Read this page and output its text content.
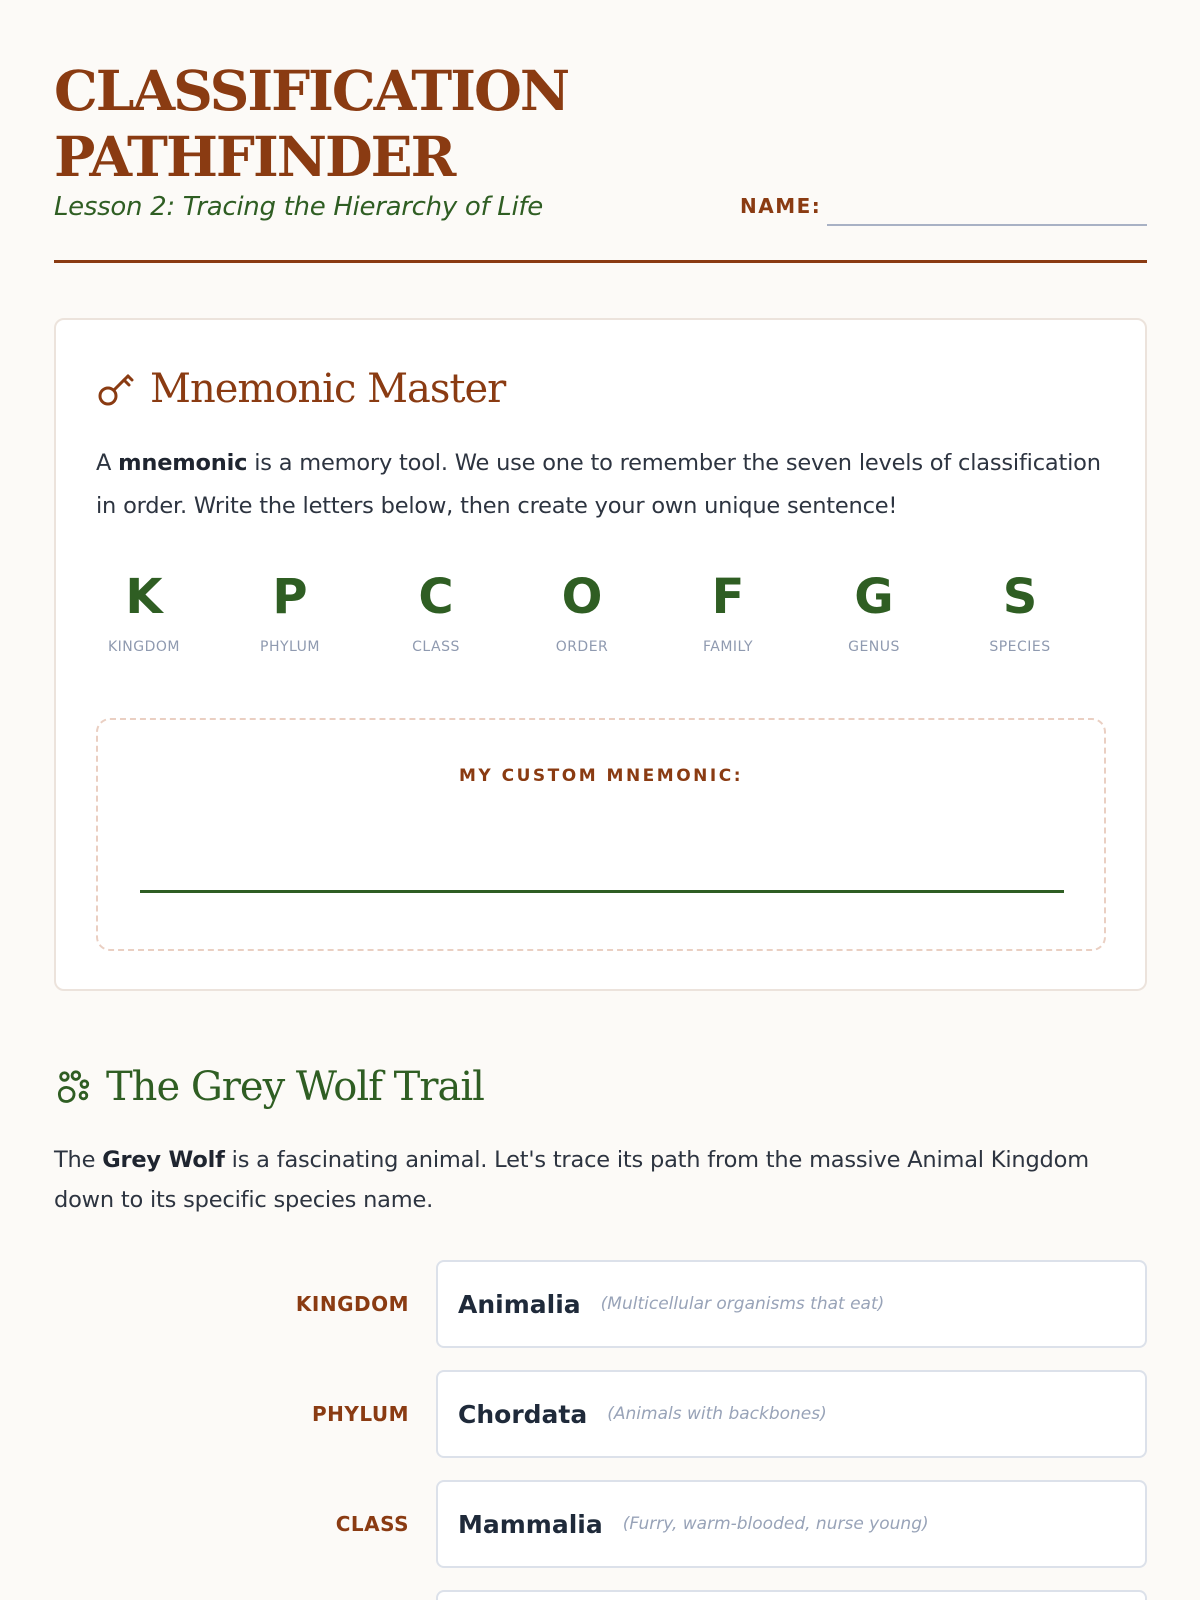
CLASSIFICATION
PATHFINDER
Lesson 2: Tracing the Hierarchy of Life	NAME:
Mnemonic Master

A mnemonic is a memory tool. We use one to remember the seven levels of classification in order. Write the letters below, then create your own unique sentence!

K
KINGDOM
P
PHYLUM
C
CLASS
O
ORDER
F
FAMILY
G
GENUS
S
SPECIES
MY CUSTOM MNEMONIC:
The Grey Wolf Trail

The Grey Wolf is a fascinating animal. Let's trace its path from the massive Animal Kingdom down to its specific species name.

KINGDOM Animalia (Multicellular organisms that eat)
PHYLUM Chordata (Animals with backbones)
CLASS Mammalia (Furry, warm-blooded, nurse young)
